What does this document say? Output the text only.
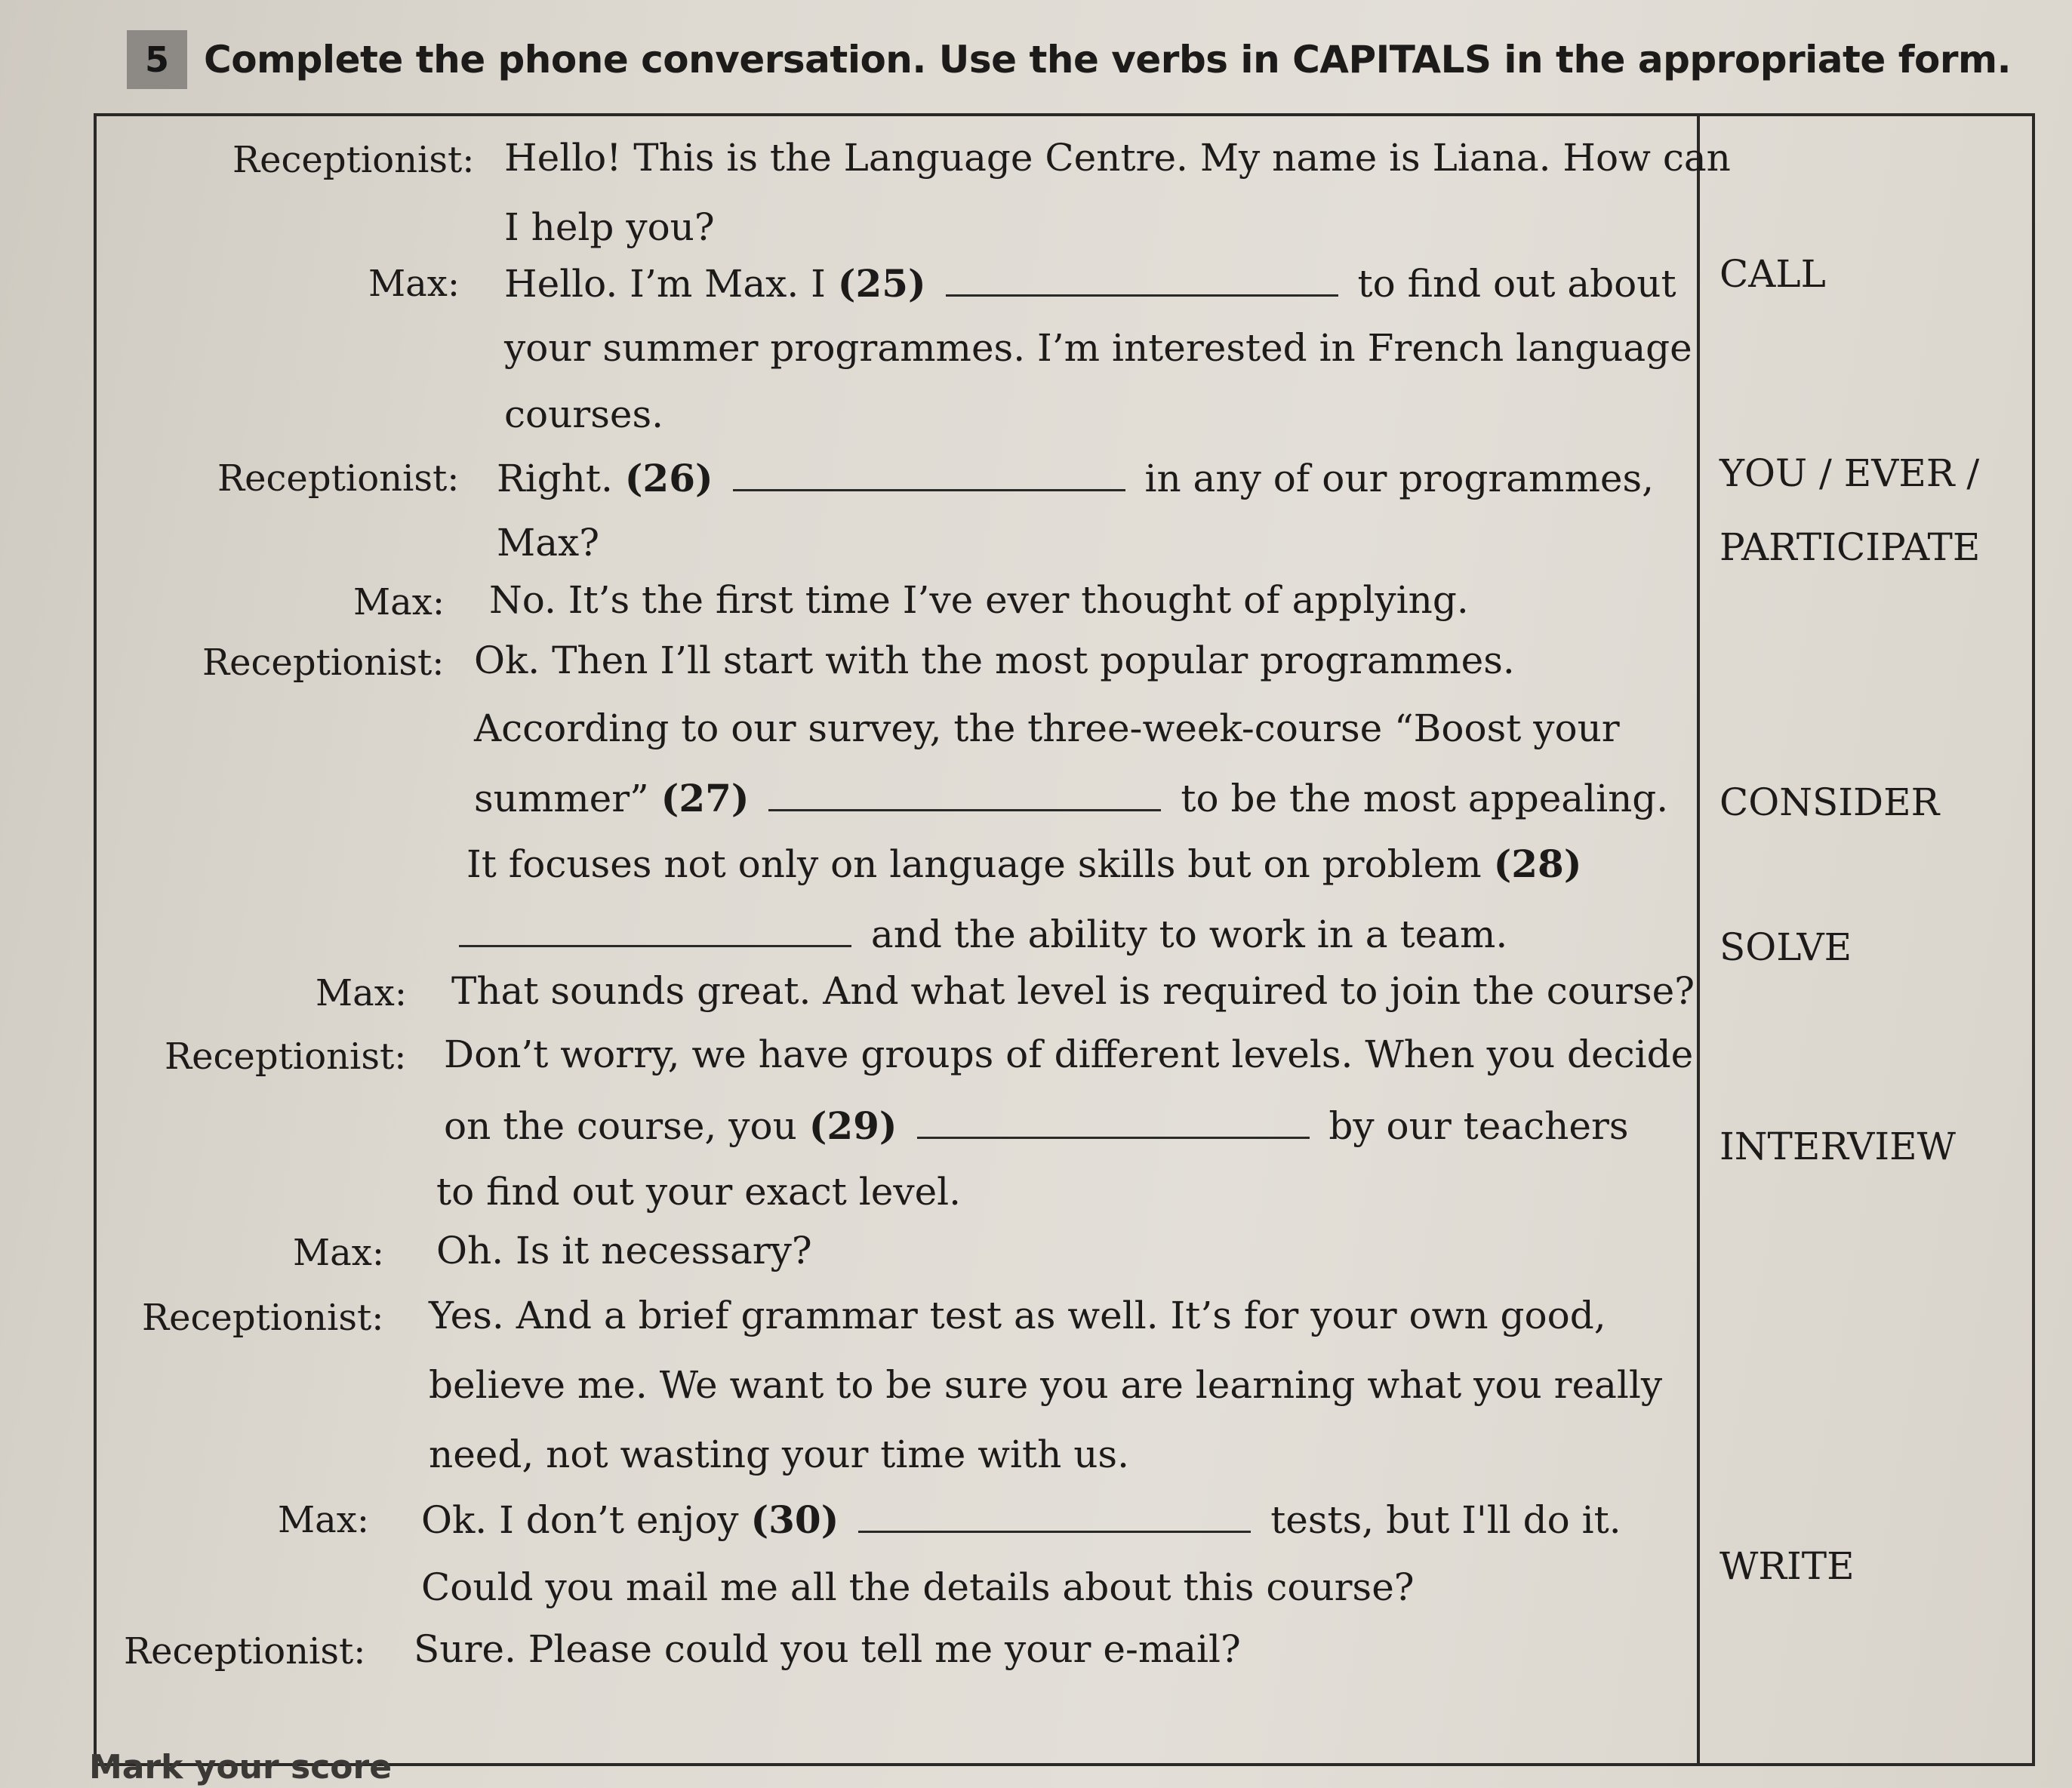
5 Complete the phone conversation. Use the verbs in CAPITALS in the appropriate form.
Receptionist: Hello! This is the Language Centre. My name is Liana. How can
I help you?
Max: Hello. I’m Max. I (25)	to find out about
your summer programmes. I’m interested in French language
courses.
Receptionist: Right. (26)	in any of our programmes,
Max?
Max: No. It’s the first time I’ve ever thought of applying.
Receptionist: Ok. Then I’ll start with the most popular programmes.
According to our survey, the three-week-course “Boost your
summer” (27)	to be the most appealing.
It focuses not only on language skills but on problem (28)
and the ability to work in a team.
Max: That sounds great. And what level is required to join the course?
Receptionist: Don’t worry, we have groups of different levels. When you decide
on the course, you (29)	by our teachers
to find out your exact level.
Max: Oh. Is it necessary?
Receptionist: Yes. And a brief grammar test as well. It’s for your own good,
believe me. We want to be sure you are learning what you really
need, not wasting your time with us.
Max: Ok. I don’t enjoy (30)	tests, but I'll do it.
Could you mail me all the details about this course?
Receptionist: Sure. Please could you tell me your e-mail?
CALL
YOU / EVER /
PARTICIPATE
CONSIDER
SOLVE
INTERVIEW
WRITE
Mark your score
